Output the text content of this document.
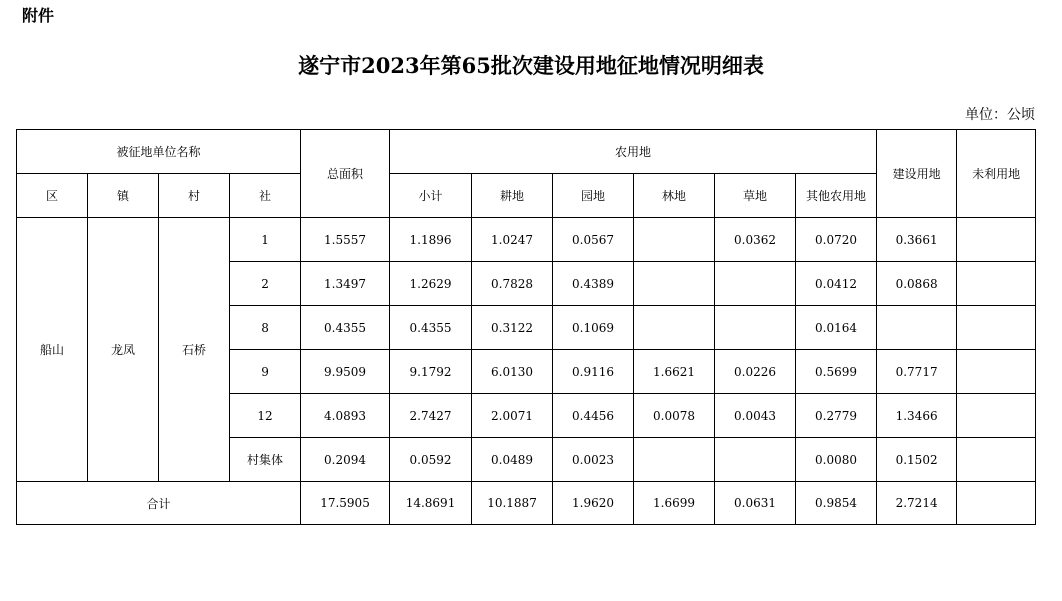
附件
遂宁市2023年第65批次建设用地征地情况明细表
单位：公顷
被征地单位名称				总面积	农用地						建设用地	未利用地
区	镇	村	社		小计	耕地	园地	林地	草地	其他农用地		
船山	龙凤	石桥	1	1.5557	1.1896	1.0247	0.0567		0.0362	0.0720	0.3661	
			2	1.3497	1.2629	0.7828	0.4389			0.0412	0.0868	
			8	0.4355	0.4355	0.3122	0.1069			0.0164		
			9	9.9509	9.1792	6.0130	0.9116	1.6621	0.0226	0.5699	0.7717	
			12	4.0893	2.7427	2.0071	0.4456	0.0078	0.0043	0.2779	1.3466	
			村集体	0.2094	0.0592	0.0489	0.0023			0.0080	0.1502	
合计				17.5905	14.8691	10.1887	1.9620	1.6699	0.0631	0.9854	2.7214	
